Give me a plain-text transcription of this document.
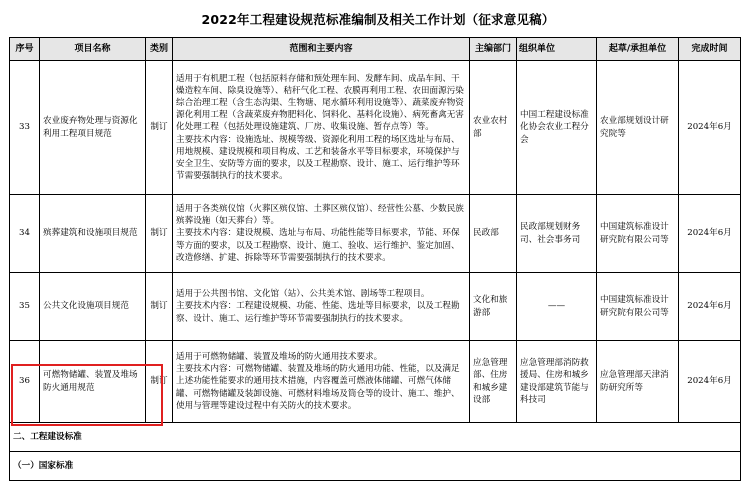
2022年工程建设规范标准编制及相关工作计划（征求意见稿）
序号	项目名称	类别	范围和主要内容	主编部门	组织单位	起草/承担单位	完成时间
33	农业废弃物处理与资源化利用工程项目规范	制订	适用于有机肥工程（包括原料存储和预处理车间、发酵车间、成品车间、干燥造粒车间、除臭设施等）、秸秆气化工程、农膜再利用工程、农田面源污染综合治理工程（含生态沟渠、生物塘、尾水循环利用设施等）、蔬菜废弃物资源化利用工程（含蔬菜废弃物肥料化、饲料化、基料化设施）、病死畜禽无害化处理工程（包括处理设施建筑、厂房、收集设施、暂存点等）等。
主要技术内容：设施选址、规模等级、资源化利用工程的场区选址与布局、用地规模、建设规模和项目构成、工艺和装备水平等目标要求，环境保护与安全卫生、安防等方面的要求，以及工程勘察、设计、施工、运行维护等环节需要强制执行的技术要求。	农业农村部	中国工程建设标准化协会农业工程分会	农业部规划设计研究院等	2024年6月
34	殡葬建筑和设施项目规范	制订	适用于各类殡仪馆（火葬区殡仪馆、土葬区殡仪馆）、经营性公墓、少数民族殡葬设施（如天葬台）等。
主要技术内容：建设规模、选址与布局、功能性能等目标要求，节能、环保等方面的要求，以及工程勘察、设计、施工、验收、运行维护、鉴定加固、改造修缮、扩建、拆除等环节需要强制执行的技术要求。	民政部	民政部规划财务司、社会事务司	中国建筑标准设计研究院有限公司等	2024年6月
35	公共文化设施项目规范	制订	适用于公共图书馆、文化馆（站）、公共美术馆、剧场等工程项目。
主要技术内容：工程建设规模、功能、性能、选址等目标要求，以及工程勘察、设计、施工、运行维护等环节需要强制执行的技术要求。	文化和旅游部	——	中国建筑标准设计研究院有限公司等	2024年6月
36	可燃物储罐、装置及堆场防火通用规范	制订	适用于可燃物储罐、装置及堆场的防火通用技术要求。
主要技术内容：可燃物储罐、装置及堆场的防火通用功能、性能，以及满足上述功能性能要求的通用技术措施，内容覆盖可燃液体储罐、可燃气体储罐、可燃物储罐及装卸设施、可燃材料堆场及筒仓等的设计、施工、维护、使用与管理等建设过程中有关防火的技术要求。	应急管理部、住房和城乡建设部	应急管理部消防救援局、住房和城乡建设部建筑节能与科技司	应急管理部天津消防研究所等	2024年6月
二、工程建设标准							
（一）国家标准							
